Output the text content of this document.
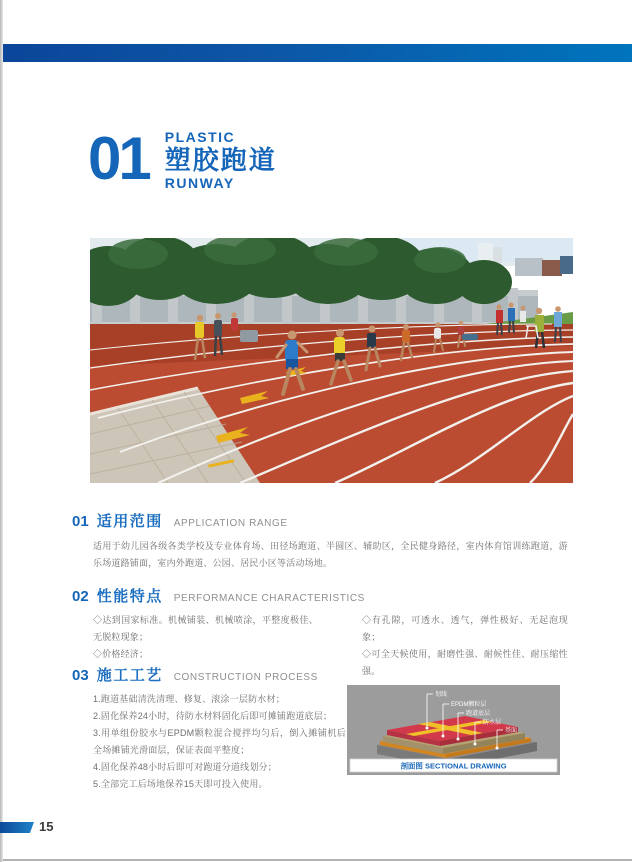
01 PLASTIC
塑胶跑道
RUNWAY
01 适用范围 APPLICATION RANGE
适用于幼儿园各级各类学校及专业体育场、田径场跑道、半圆区、辅助区，全民健身路径，室内体育馆训练跑道，游乐场道路铺面，室内外跑道、公园、居民小区等活动场地。
02 性能特点 PERFORMANCE CHARACTERISTICS
◇达到国家标准。机械铺装、机械喷涂，平整度极佳、无脱粒现象；
◇价格经济；
◇有孔隙，可透水、透气，弹性极好、无起泡现象；
◇可全天候使用，耐磨性强、耐候性佳、耐压缩性强。
03 施工工艺 CONSTRUCTION PROCESS
1.跑道基础清洗清理、修复、滚涂一层防水材；
2.固化保养24小时，待防水材料固化后即可摊铺跑道底层；
3.用单组份胶水与EPDM颗粒混合搅拌均匀后，倒入摊铺机后全场摊铺光滑面层，保证表面平整度；
4.固化保养48小时后即可对跑道分道线划分；
5.全部完工后场地保养15天即可投入使用。
划线
EPDM颗粒层
跑道底层
防水层
基面
剖面图 SECTIONAL DRAWING
15
